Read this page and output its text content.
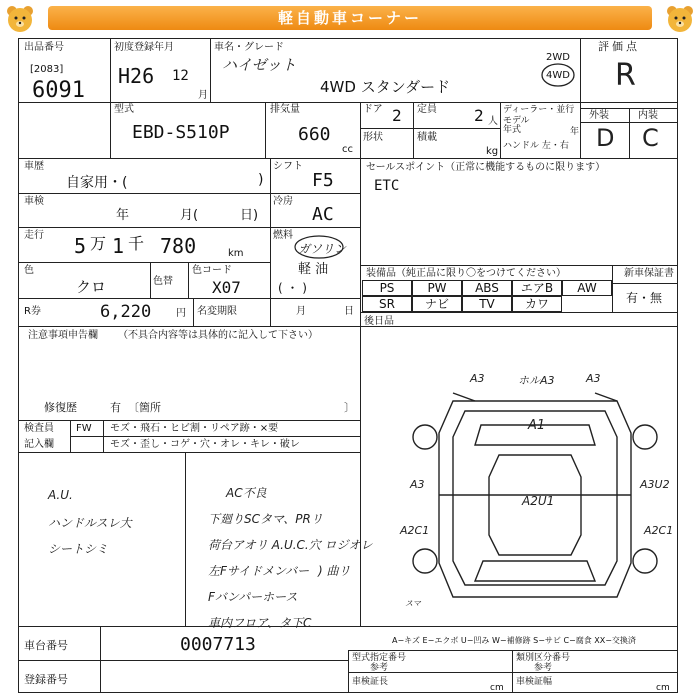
軽自動車コーナー
出品番号
[2083]
6091
初度登録年月
H26 12
月
車名・グレード
ハイゼット
4WD スタンダード
2WD
4WD
評価点
R
外装	内装
D C
型式
EBD-S510P
排気量
660
cc
ドア 2 定員 2 人
形状	積載
kg
ディーラー・並行
モデル
年式	年
ハンドル 左・右
車歴
自家用・(	)
シフト
F5
車検
年	月(	日)
冷房
AC
走行 5 万 1 千 780	km
燃料
ガソリン
軽 油
( ・ )
色
クロ	色替
色コード
X07
R券	6,220 円 名変期限	月	日
セールスポイント（正常に機能するものに限ります）
ETC
装備品（純正品に限り〇をつけてください）	新車保証書
有・無
PS	PW	ABS	エアB	AW
SR	ナビ	TV	カワ
後日品
注意事項申告欄 （不具合内容等は具体的に記入して下さい）
修復歴	有 〔箇所	〕
検査員
記入欄
FW モズ・飛石・ヒビ割・リペア跡・×要
モズ・歪し・コゲ・穴・オレ・キレ・破レ
A.U.
ハンドルスレ大
シートシミ
AC不良
下廻りSCタマ、PRリ
荷台アオリ A.U.C.穴 ロジオレ
左Fサイドメンバー
Fバンパーホース
車内フロア、タ下C
) 曲リ
A3	ホルA3	A3
A1
A2U1
A3	A3U2
A2C1	A2C1
スマ
車台番号	0007713
登録番号
A−キズ E−エクボ U−凹み W−補修跡 S−サビ C−腐食 XX−交換済
型式指定番号
参考
車検証長
cm
類別区分番号
参考
車検証幅
cm
